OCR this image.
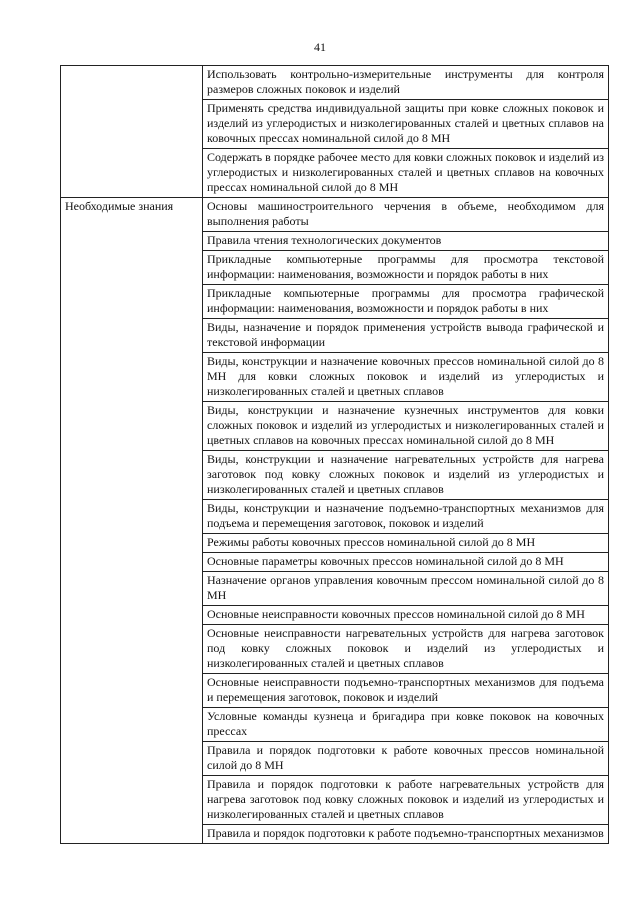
41
	Использовать контрольно-измерительные инструменты для контроля размеров сложных поковок и изделий
	Применять средства индивидуальной защиты при ковке сложных поковок и изделий из углеродистых и низколегированных сталей и цветных сплавов на ковочных прессах номинальной силой до 8 МН
	Содержать в порядке рабочее место для ковки сложных поковок и изделий из углеродистых и низколегированных сталей и цветных сплавов на ковочных прессах номинальной силой до 8 МН
Необходимые знания	Основы машиностроительного черчения в объеме, необходимом для выполнения работы
	Правила чтения технологических документов
	Прикладные компьютерные программы для просмотра текстовой информации: наименования, возможности и порядок работы в них
	Прикладные компьютерные программы для просмотра графической информации: наименования, возможности и порядок работы в них
	Виды, назначение и порядок применения устройств вывода графической и текстовой информации
	Виды, конструкции и назначение ковочных прессов номинальной силой до 8 МН для ковки сложных поковок и изделий из углеродистых и низколегированных сталей и цветных сплавов
	Виды, конструкции и назначение кузнечных инструментов для ковки сложных поковок и изделий из углеродистых и низколегированных сталей и цветных сплавов на ковочных прессах номинальной силой до 8 МН
	Виды, конструкции и назначение нагревательных устройств для нагрева заготовок под ковку сложных поковок и изделий из углеродистых и низколегированных сталей и цветных сплавов
	Виды, конструкции и назначение подъемно-транспортных механизмов для подъема и перемещения заготовок, поковок и изделий
	Режимы работы ковочных прессов номинальной силой до 8 МН
	Основные параметры ковочных прессов номинальной силой до 8 МН
	Назначение органов управления ковочным прессом номинальной силой до 8 МН
	Основные неисправности ковочных прессов номинальной силой до 8 МН
	Основные неисправности нагревательных устройств для нагрева заготовок под ковку сложных поковок и изделий из углеродистых и низколегированных сталей и цветных сплавов
	Основные неисправности подъемно-транспортных механизмов для подъема и перемещения заготовок, поковок и изделий
	Условные команды кузнеца и бригадира при ковке поковок на ковочных прессах
	Правила и порядок подготовки к работе ковочных прессов номинальной силой до 8 МН
	Правила и порядок подготовки к работе нагревательных устройств для нагрева заготовок под ковку сложных поковок и изделий из углеродистых и низколегированных сталей и цветных сплавов
	Правила и порядок подготовки к работе подъемно-транспортных механизмов
